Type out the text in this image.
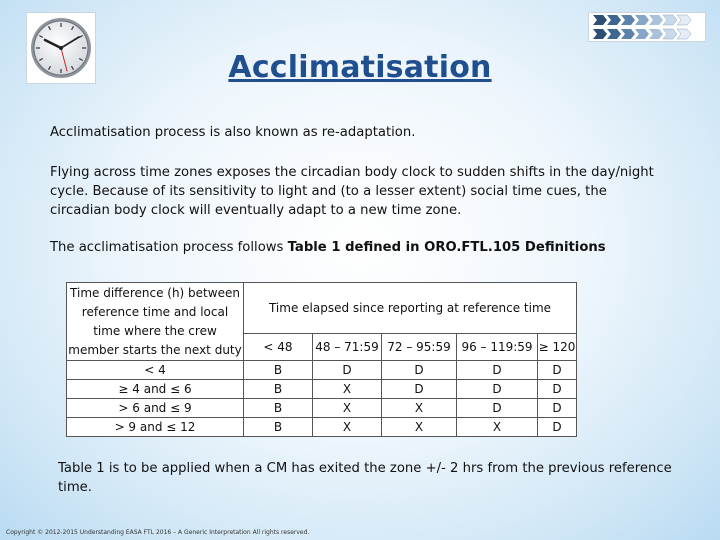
Acclimatisation
Acclimatisation process is also known as re-adaptation.
Flying across time zones exposes the circadian body clock to sudden shifts in the day/night cycle. Because of its sensitivity to light and (to a lesser extent) social time cues, the circadian body clock will eventually adapt to a new time zone.
The acclimatisation process follows Table 1 defined in ORO.FTL.105 Definitions
Time difference (h) between reference time and local time where the crew member starts the next duty	Time elapsed since reporting at reference time				
	< 48	48 – 71:59	72 – 95:59	96 – 119:59	≥ 120
< 4	B	D	D	D	D
≥ 4 and ≤ 6	B	X	D	D	D
> 6 and ≤ 9	B	X	X	D	D
> 9 and ≤ 12	B	X	X	X	D
Table 1 is to be applied when a CM has exited the zone +/- 2 hrs from the previous reference time.
Copyright © 2012-2015 Understanding EASA FTL 2016 – A Generic Interpretation All rights reserved.
